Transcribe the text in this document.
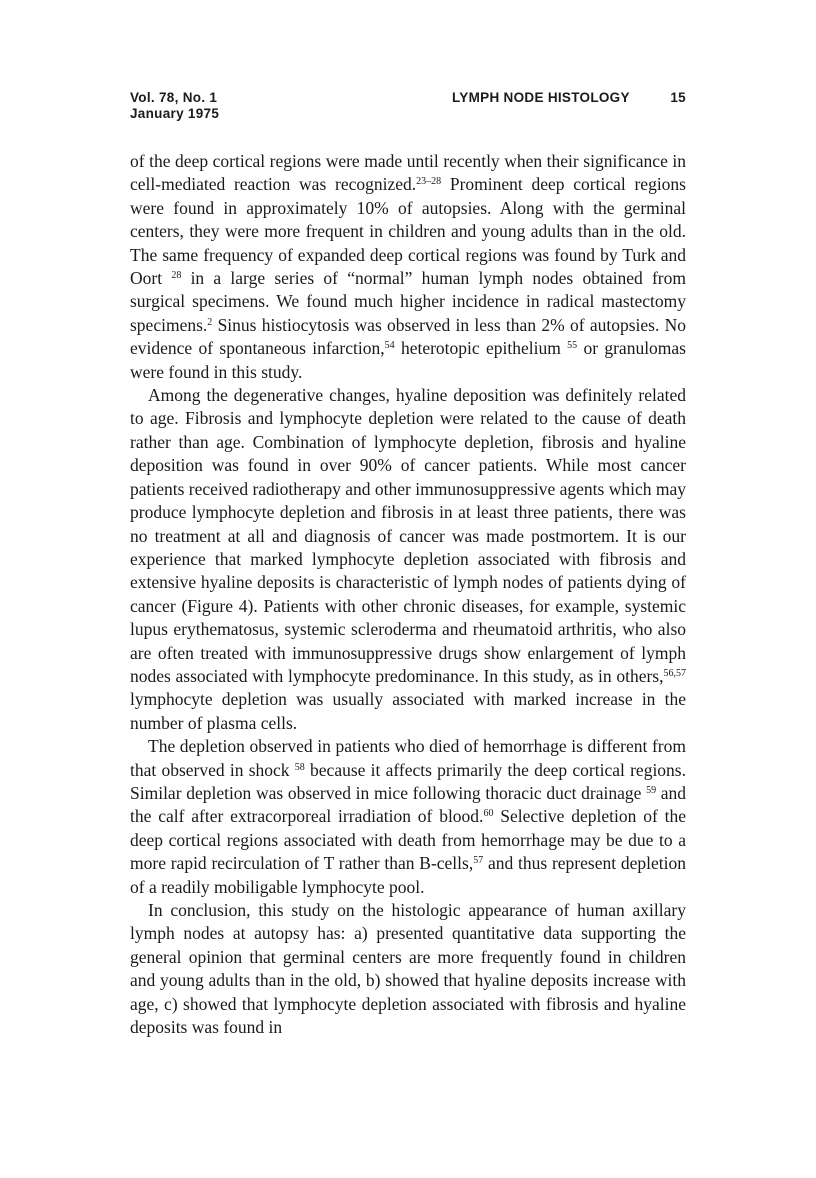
Vol. 78, No. 1
January 1975
LYMPH NODE HISTOLOGY	15

of the deep cortical regions were made until recently when their significance in cell-mediated reaction was recognized.$^{23-28}$ Prominent deep cortical regions were found in approximately 10% of autopsies. Along with the germinal centers, they were more frequent in children and young adults than in the old. The same frequency of expanded deep cortical regions was found by Turk and Oort $^{28}$ in a large series of “normal” human lymph nodes obtained from surgical specimens. We found much higher incidence in radical mastectomy specimens.$^2$ Sinus histiocytosis was observed in less than 2% of autopsies. No evidence of spontaneous infarction,$^{54}$ heterotopic epithelium $^{55}$ or granulomas were found in this study.

Among the degenerative changes, hyaline deposition was definitely related to age. Fibrosis and lymphocyte depletion were related to the cause of death rather than age. Combination of lymphocyte depletion, fibrosis and hyaline deposition was found in over 90% of cancer patients. While most cancer patients received radiotherapy and other immunosuppressive agents which may produce lymphocyte depletion and fibrosis in at least three patients, there was no treatment at all and diagnosis of cancer was made postmortem. It is our experience that marked lymphocyte depletion associated with fibrosis and extensive hyaline deposits is characteristic of lymph nodes of patients dying of cancer (Figure 4). Patients with other chronic diseases, for example, systemic lupus erythematosus, systemic scleroderma and rheumatoid arthritis, who also are often treated with immunosuppressive drugs show enlargement of lymph nodes associated with lymphocyte predominance. In this study, as in others,$^{56,57}$ lymphocyte depletion was usually associated with marked increase in the number of plasma cells.

The depletion observed in patients who died of hemorrhage is different from that observed in shock $^{58}$ because it affects primarily the deep cortical regions. Similar depletion was observed in mice following thoracic duct drainage $^{59}$ and the calf after extracorporeal irradiation of blood.$^{60}$ Selective depletion of the deep cortical regions associated with death from hemorrhage may be due to a more rapid recirculation of T rather than B-cells,$^{57}$ and thus represent depletion of a readily mobiligable lymphocyte pool.

In conclusion, this study on the histologic appearance of human axillary lymph nodes at autopsy has: a) presented quantitative data supporting the general opinion that germinal centers are more frequently found in children and young adults than in the old, b) showed that hyaline deposits increase with age, c) showed that lymphocyte depletion associated with fibrosis and hyaline deposits was found in
